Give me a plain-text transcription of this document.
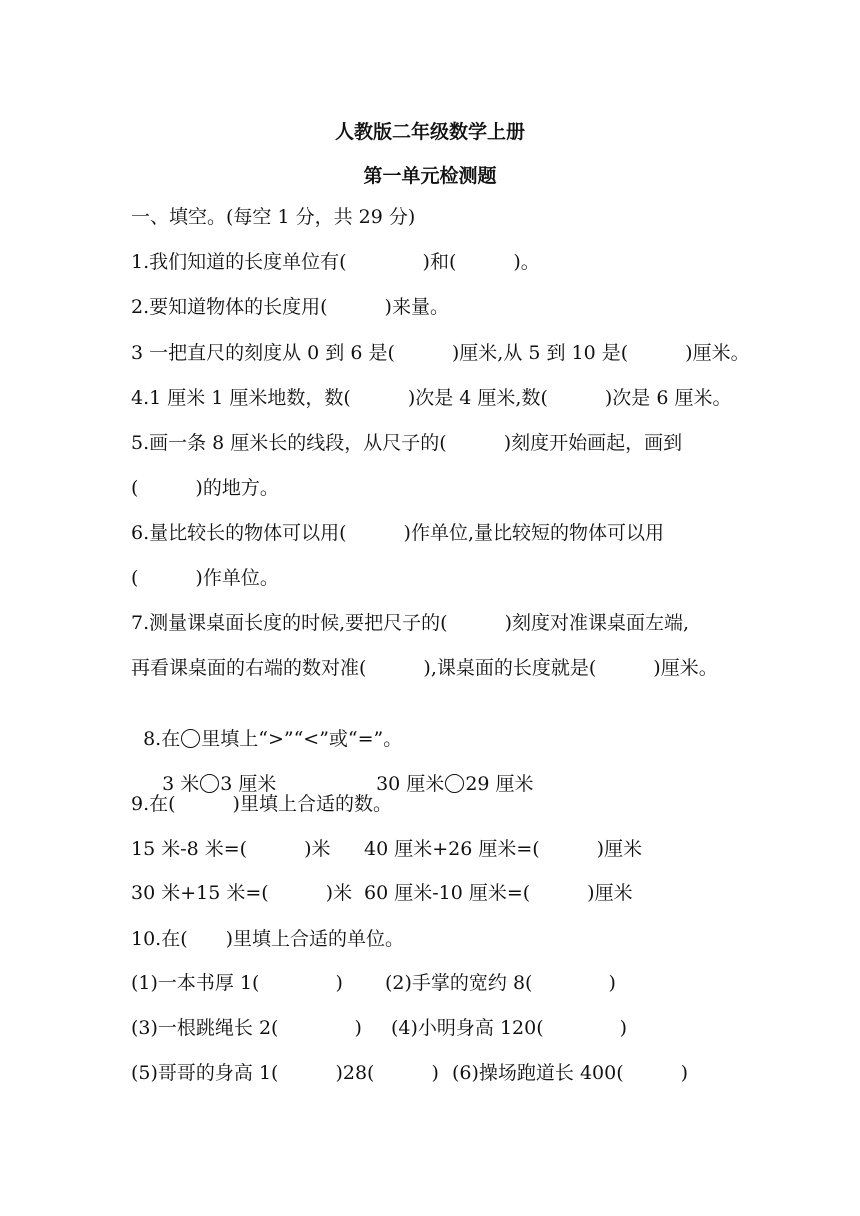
人教版二年级数学上册
第一单元检测题
一、填空。(每空 1 分，共 29 分)
1.我们知道的长度单位有(　　　　)和(　　　)。
2.要知道物体的长度用(　　　)来量。
3 一把直尺的刻度从 0 到 6 是(　　　)厘米,从 5 到 10 是(　　　)厘米。
4.1 厘米 1 厘米地数，数(　　　)次是 4 厘米,数(　　　)次是 6 厘米。
5.画一条 8 厘米长的线段，从尺子的(　　　)刻度开始画起，画到
(　　　)的地方。
6.量比较长的物体可以用(　　　)作单位,量比较短的物体可以用
(　　　)作单位。
7.测量课桌面长度的时候,要把尺子的(　　　)刻度对准课桌面左端,
再看课桌面的右端的数对准(　　　),课桌面的长度就是(　　　)厘米。

8.在 里填上“>”“<”或“=”。

3 米 3 厘米	30 厘米 29 厘米

9.在(　　　)里填上合适的数。
15 米-8 米=(　　　)米 40 厘米+26 厘米=(　　　)厘米
30 米+15 米=(　　　)米 60 厘米-10 厘米=(　　　)厘米
10.在(　　)里填上合适的单位。
(1)一本书厚 1(　　　　) (2)手掌的宽约 8(　　　　)
(3)一根跳绳长 2(　　　　) (4)小明身高 120(　　　　)
(5)哥哥的身高 1(　　　)28(　　　) (6)操场跑道长 400(　　　)
